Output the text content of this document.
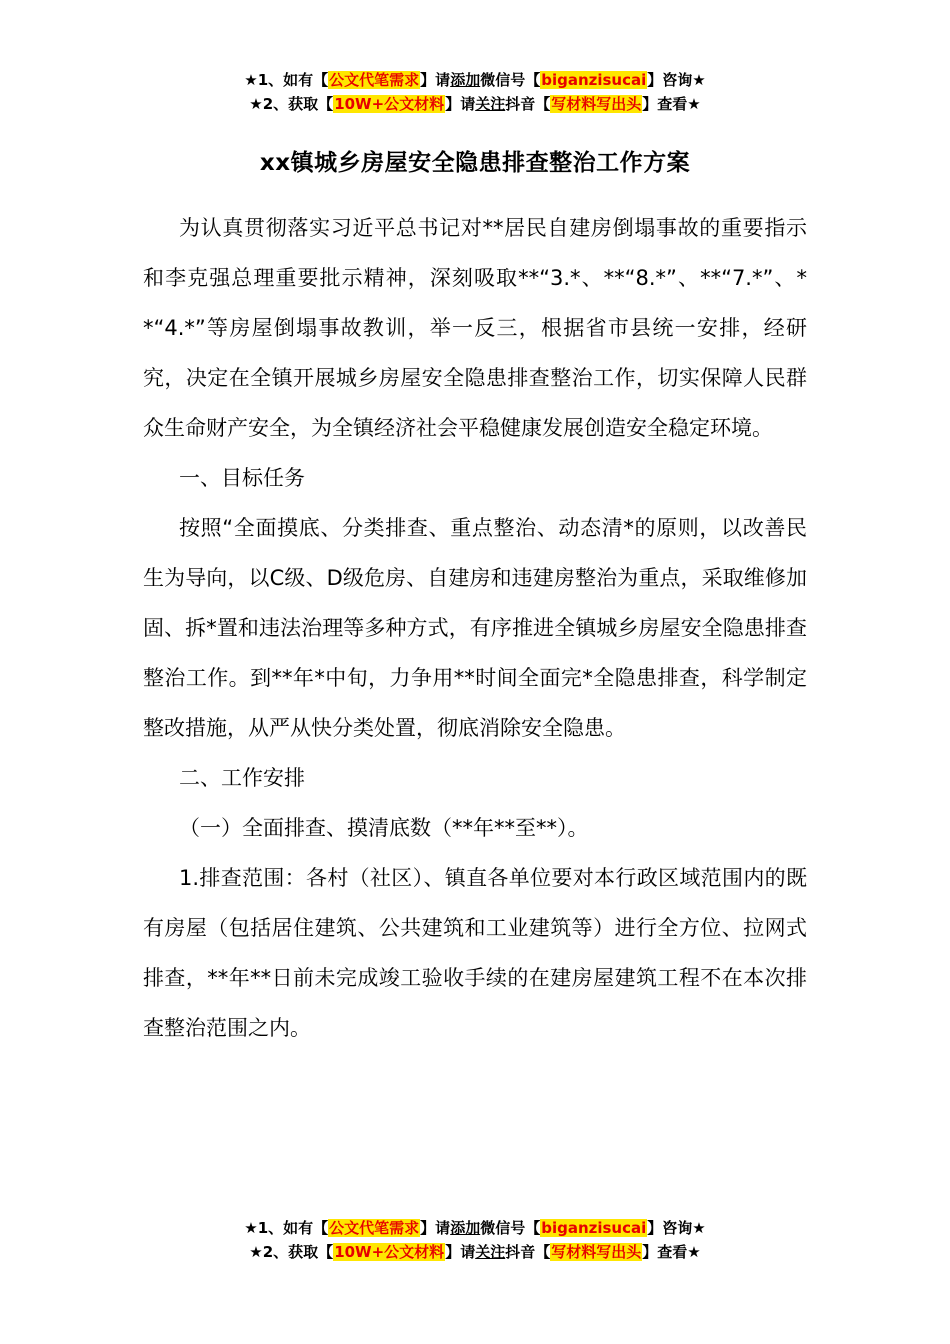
★1、如有【公文代笔需求】请添加微信号【biganzisucai】咨询★
★2、获取【10W+公文材料】请关注抖音【写材料写出头】查看★
xx镇城乡房屋安全隐患排查整治工作方案

为认真贯彻落实习近平总书记对**居民自建房倒塌事故的重要指示和李克强总理重要批示精神，深刻吸取**“3.*、**“8.*”、**“7.*”、**“4.*”等房屋倒塌事故教训，举一反三，根据省市县统一安排，经研究，决定在全镇开展城乡房屋安全隐患排查整治工作，切实保障人民群众生命财产安全，为全镇经济社会平稳健康发展创造安全稳定环境。

一、目标任务

按照“全面摸底、分类排查、重点整治、动态清*的原则，以改善民生为导向，以C级、D级危房、自建房和违建房整治为重点，采取维修加固、拆*置和违法治理等多种方式，有序推进全镇城乡房屋安全隐患排查整治工作。到**年*中旬，力争用**时间全面完*全隐患排查，科学制定整改措施，从严从快分类处置，彻底消除安全隐患。

二、工作安排

（一）全面排查、摸清底数（**年**至**）。

1.排查范围：各村（社区）、镇直各单位要对本行政区域范围内的既有房屋（包括居住建筑、公共建筑和工业建筑等）进行全方位、拉网式排查，**年**日前未完成竣工验收手续的在建房屋建筑工程不在本次排查整治范围之内。

★1、如有【公文代笔需求】请添加微信号【biganzisucai】咨询★
★2、获取【10W+公文材料】请关注抖音【写材料写出头】查看★
